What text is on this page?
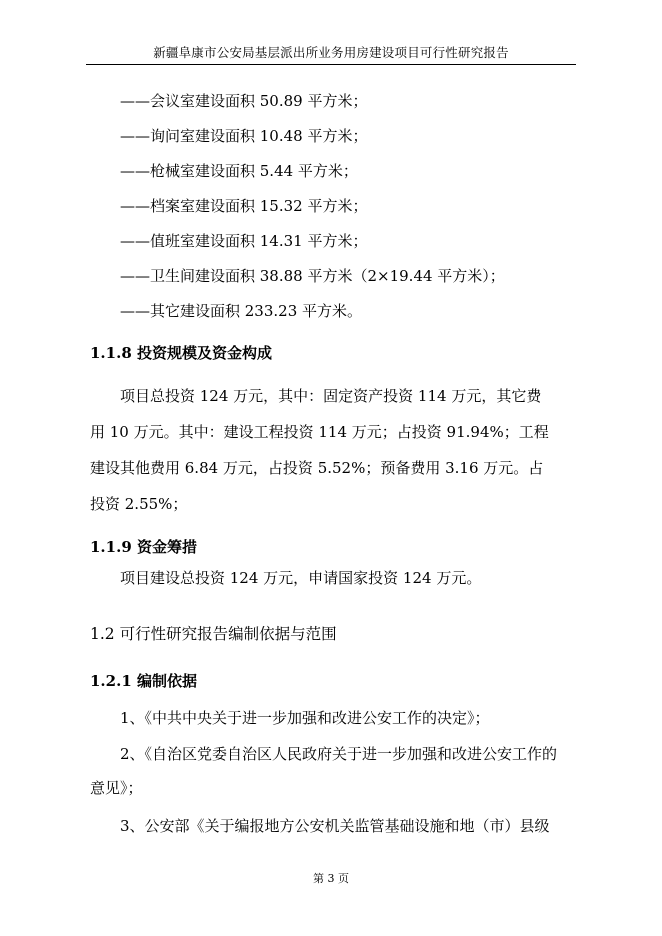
新疆阜康市公安局基层派出所业务用房建设项目可行性研究报告
——会议室建设面积 50.89 平方米；
——询问室建设面积 10.48 平方米；
——枪械室建设面积 5.44 平方米；
——档案室建设面积 15.32 平方米；
——值班室建设面积 14.31 平方米；
——卫生间建设面积 38.88 平方米（2×19.44 平方米）；
——其它建设面积 233.23 平方米。
1.1.8 投资规模及资金构成
项目总投资 124 万元，其中：固定资产投资 114 万元，其它费
用 10 万元。其中：建设工程投资 114 万元；占投资 91.94%；工程
建设其他费用 6.84 万元，占投资 5.52%；预备费用 3.16 万元。占
投资 2.55%；
1.1.9 资金筹措
项目建设总投资 124 万元，申请国家投资 124 万元。
1.2 可行性研究报告编制依据与范围
1.2.1 编制依据
1、《中共中央关于进一步加强和改进公安工作的决定》；
2、《自治区党委自治区人民政府关于进一步加强和改进公安工作的
意见》；
3、公安部《关于编报地方公安机关监管基础设施和地（市）县级
第 3 页
